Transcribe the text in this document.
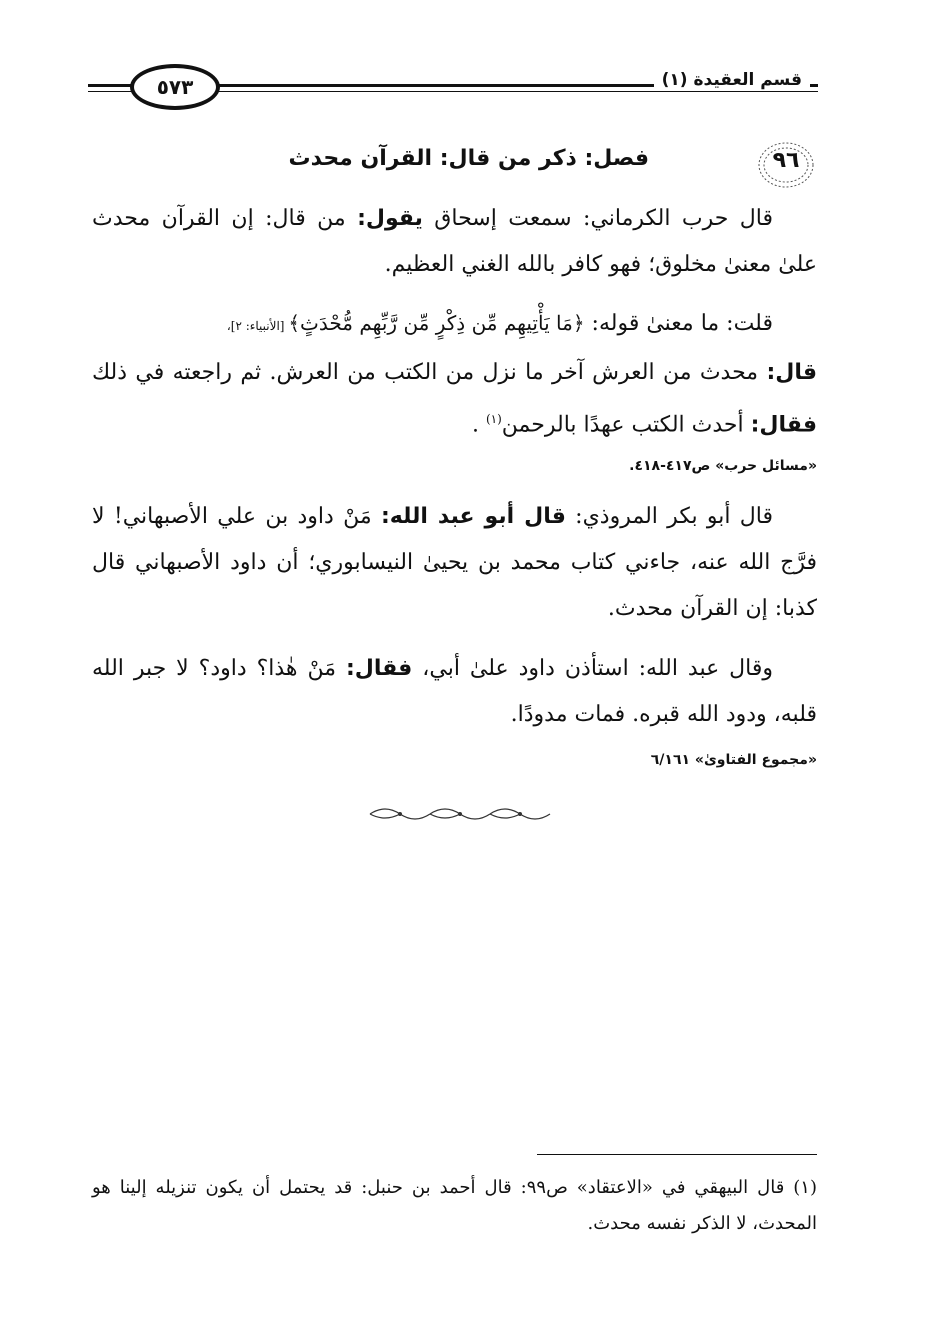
قسم العقيدة (١)
٥٧٣
٩٦
فصل: ذكر من قال: القرآن محدث
  قال حرب الكرماني: سمعت إسحاق يقول: من قال: إن القرآن محدث علىٰ معنىٰ مخلوق؛ فهو كافر بالله الغني العظيم.
  قلت: ما معنىٰ قوله: ﴿مَا يَأْتِيهِم مِّن ذِكْرٍ مِّن رَّبِّهِم مُّحْدَثٍ﴾ [الأنبياء: ٢]،
قال: محدث من العرش آخر ما نزل من الكتب من العرش. ثم راجعته في ذلك فقال: أحدث الكتب عهدًا بالرحمن$^{(١)}$ .
«مسائل حرب» ص٤١٧-٤١٨.
  قال أبو بكر المروذي: قال أبو عبد الله: مَنْ داود بن علي الأصبهاني! لا فرَّج الله عنه، جاءني كتاب محمد بن يحيىٰ النيسابوري؛ أن داود الأصبهاني قال كذبا: إن القرآن محدث.
  وقال عبد الله: استأذن داود علىٰ أبي، فقال: مَنْ هٰذا؟ داود؟ لا جبر الله قلبه، ودود الله قبره. فمات مدودًا.
«مجموع الفتاوىٰ» ٦/١٦١
(١) قال البيهقي في «الاعتقاد» ص٩٩: قال أحمد بن حنبل: قد يحتمل أن يكون تنزيله إلينا هو المحدث، لا الذكر نفسه محدث.
